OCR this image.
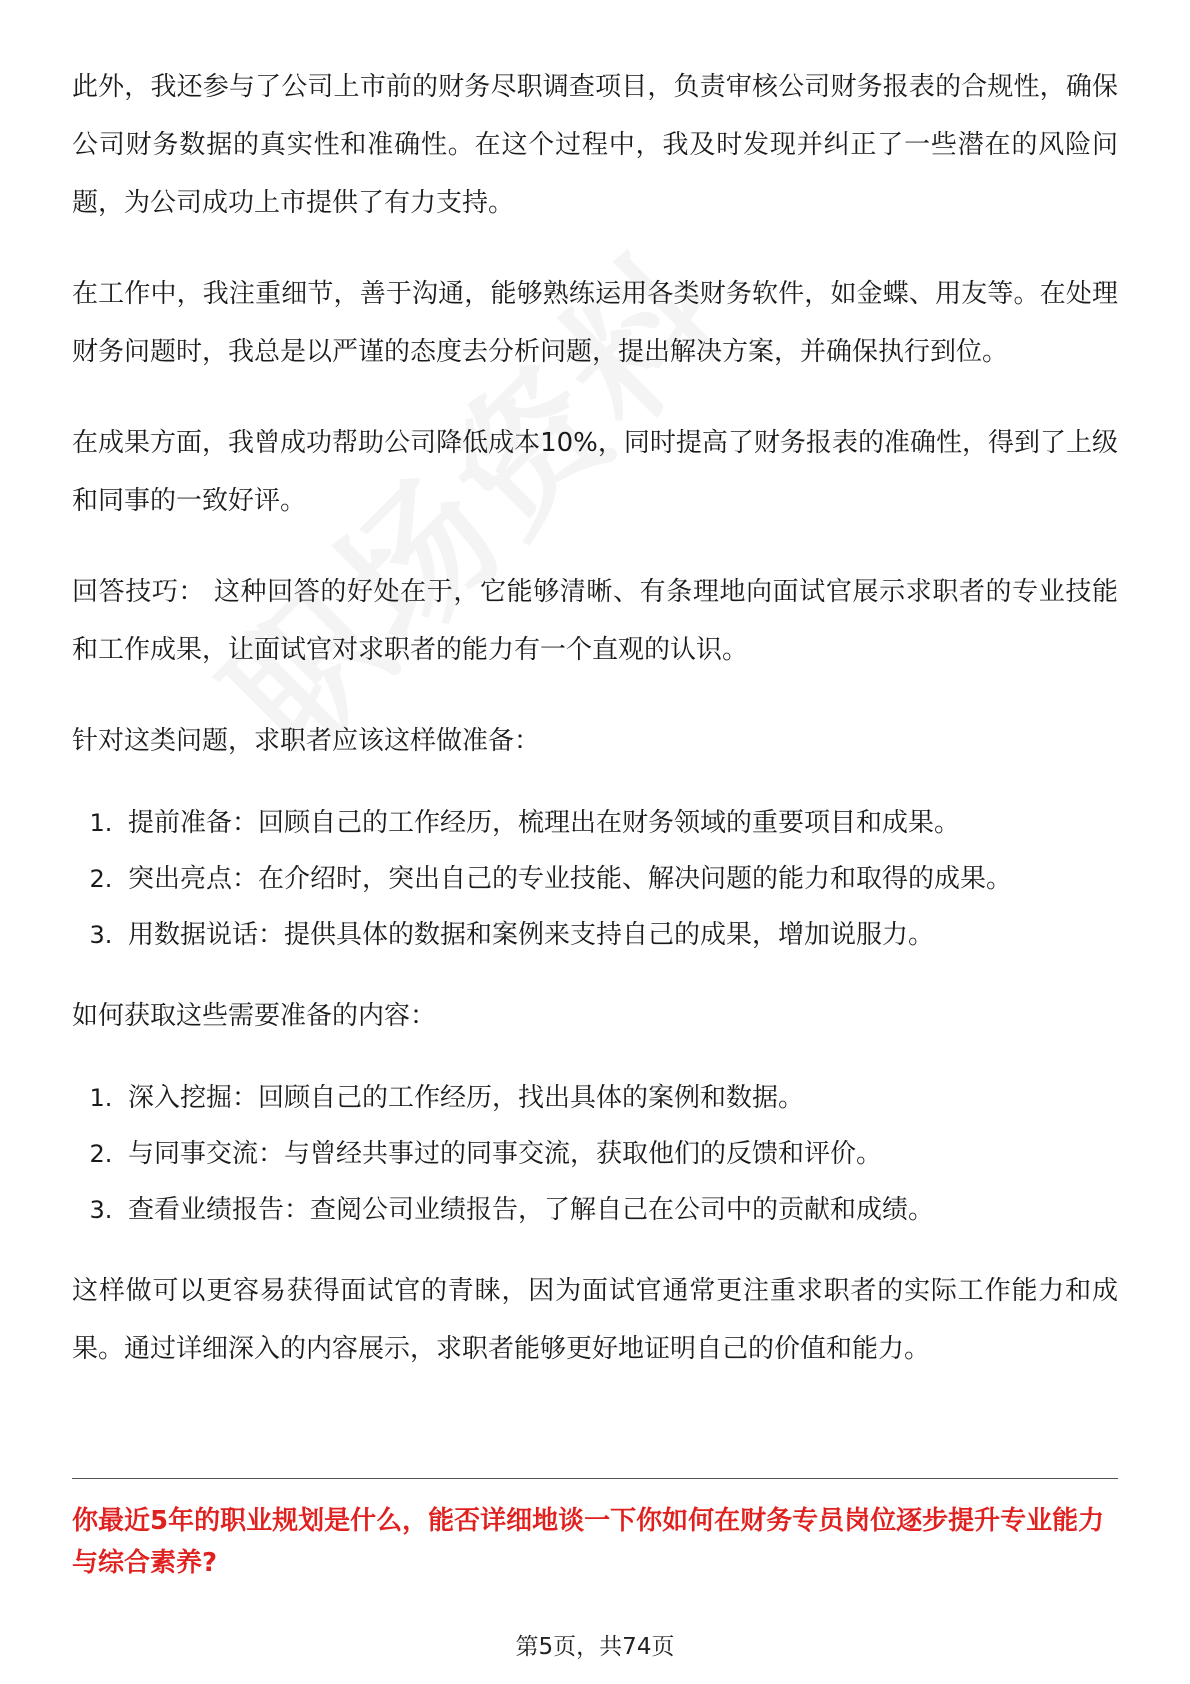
此外，我还参与了公司上市前的财务尽职调查项目，负责审核公司财务报表的合规性，确保公司财务数据的真实性和准确性。在这个过程中，我及时发现并纠正了一些潜在的风险问题，为公司成功上市提供了有力支持。

在工作中，我注重细节，善于沟通，能够熟练运用各类财务软件，如金蝶、用友等。在处理财务问题时，我总是以严谨的态度去分析问题，提出解决方案，并确保执行到位。

在成果方面，我曾成功帮助公司降低成本10%，同时提高了财务报表的准确性，得到了上级和同事的一致好评。

回答技巧： 这种回答的好处在于，它能够清晰、有条理地向面试官展示求职者的专业技能和工作成果，让面试官对求职者的能力有一个直观的认识。

针对这类问题，求职者应该这样做准备：

1. 提前准备：回顾自己的工作经历，梳理出在财务领域的重要项目和成果。
2. 突出亮点：在介绍时，突出自己的专业技能、解决问题的能力和取得的成果。
3. 用数据说话：提供具体的数据和案例来支持自己的成果，增加说服力。

如何获取这些需要准备的内容：

1. 深入挖掘：回顾自己的工作经历，找出具体的案例和数据。
2. 与同事交流：与曾经共事过的同事交流，获取他们的反馈和评价。
3. 查看业绩报告：查阅公司业绩报告，了解自己在公司中的贡献和成绩。

这样做可以更容易获得面试官的青睐，因为面试官通常更注重求职者的实际工作能力和成果。通过详细深入的内容展示，求职者能够更好地证明自己的价值和能力。

你最近5年的职业规划是什么，能否详细地谈一下你如何在财务专员岗位逐步提升专业能力与综合素养?

第5页，共74页
